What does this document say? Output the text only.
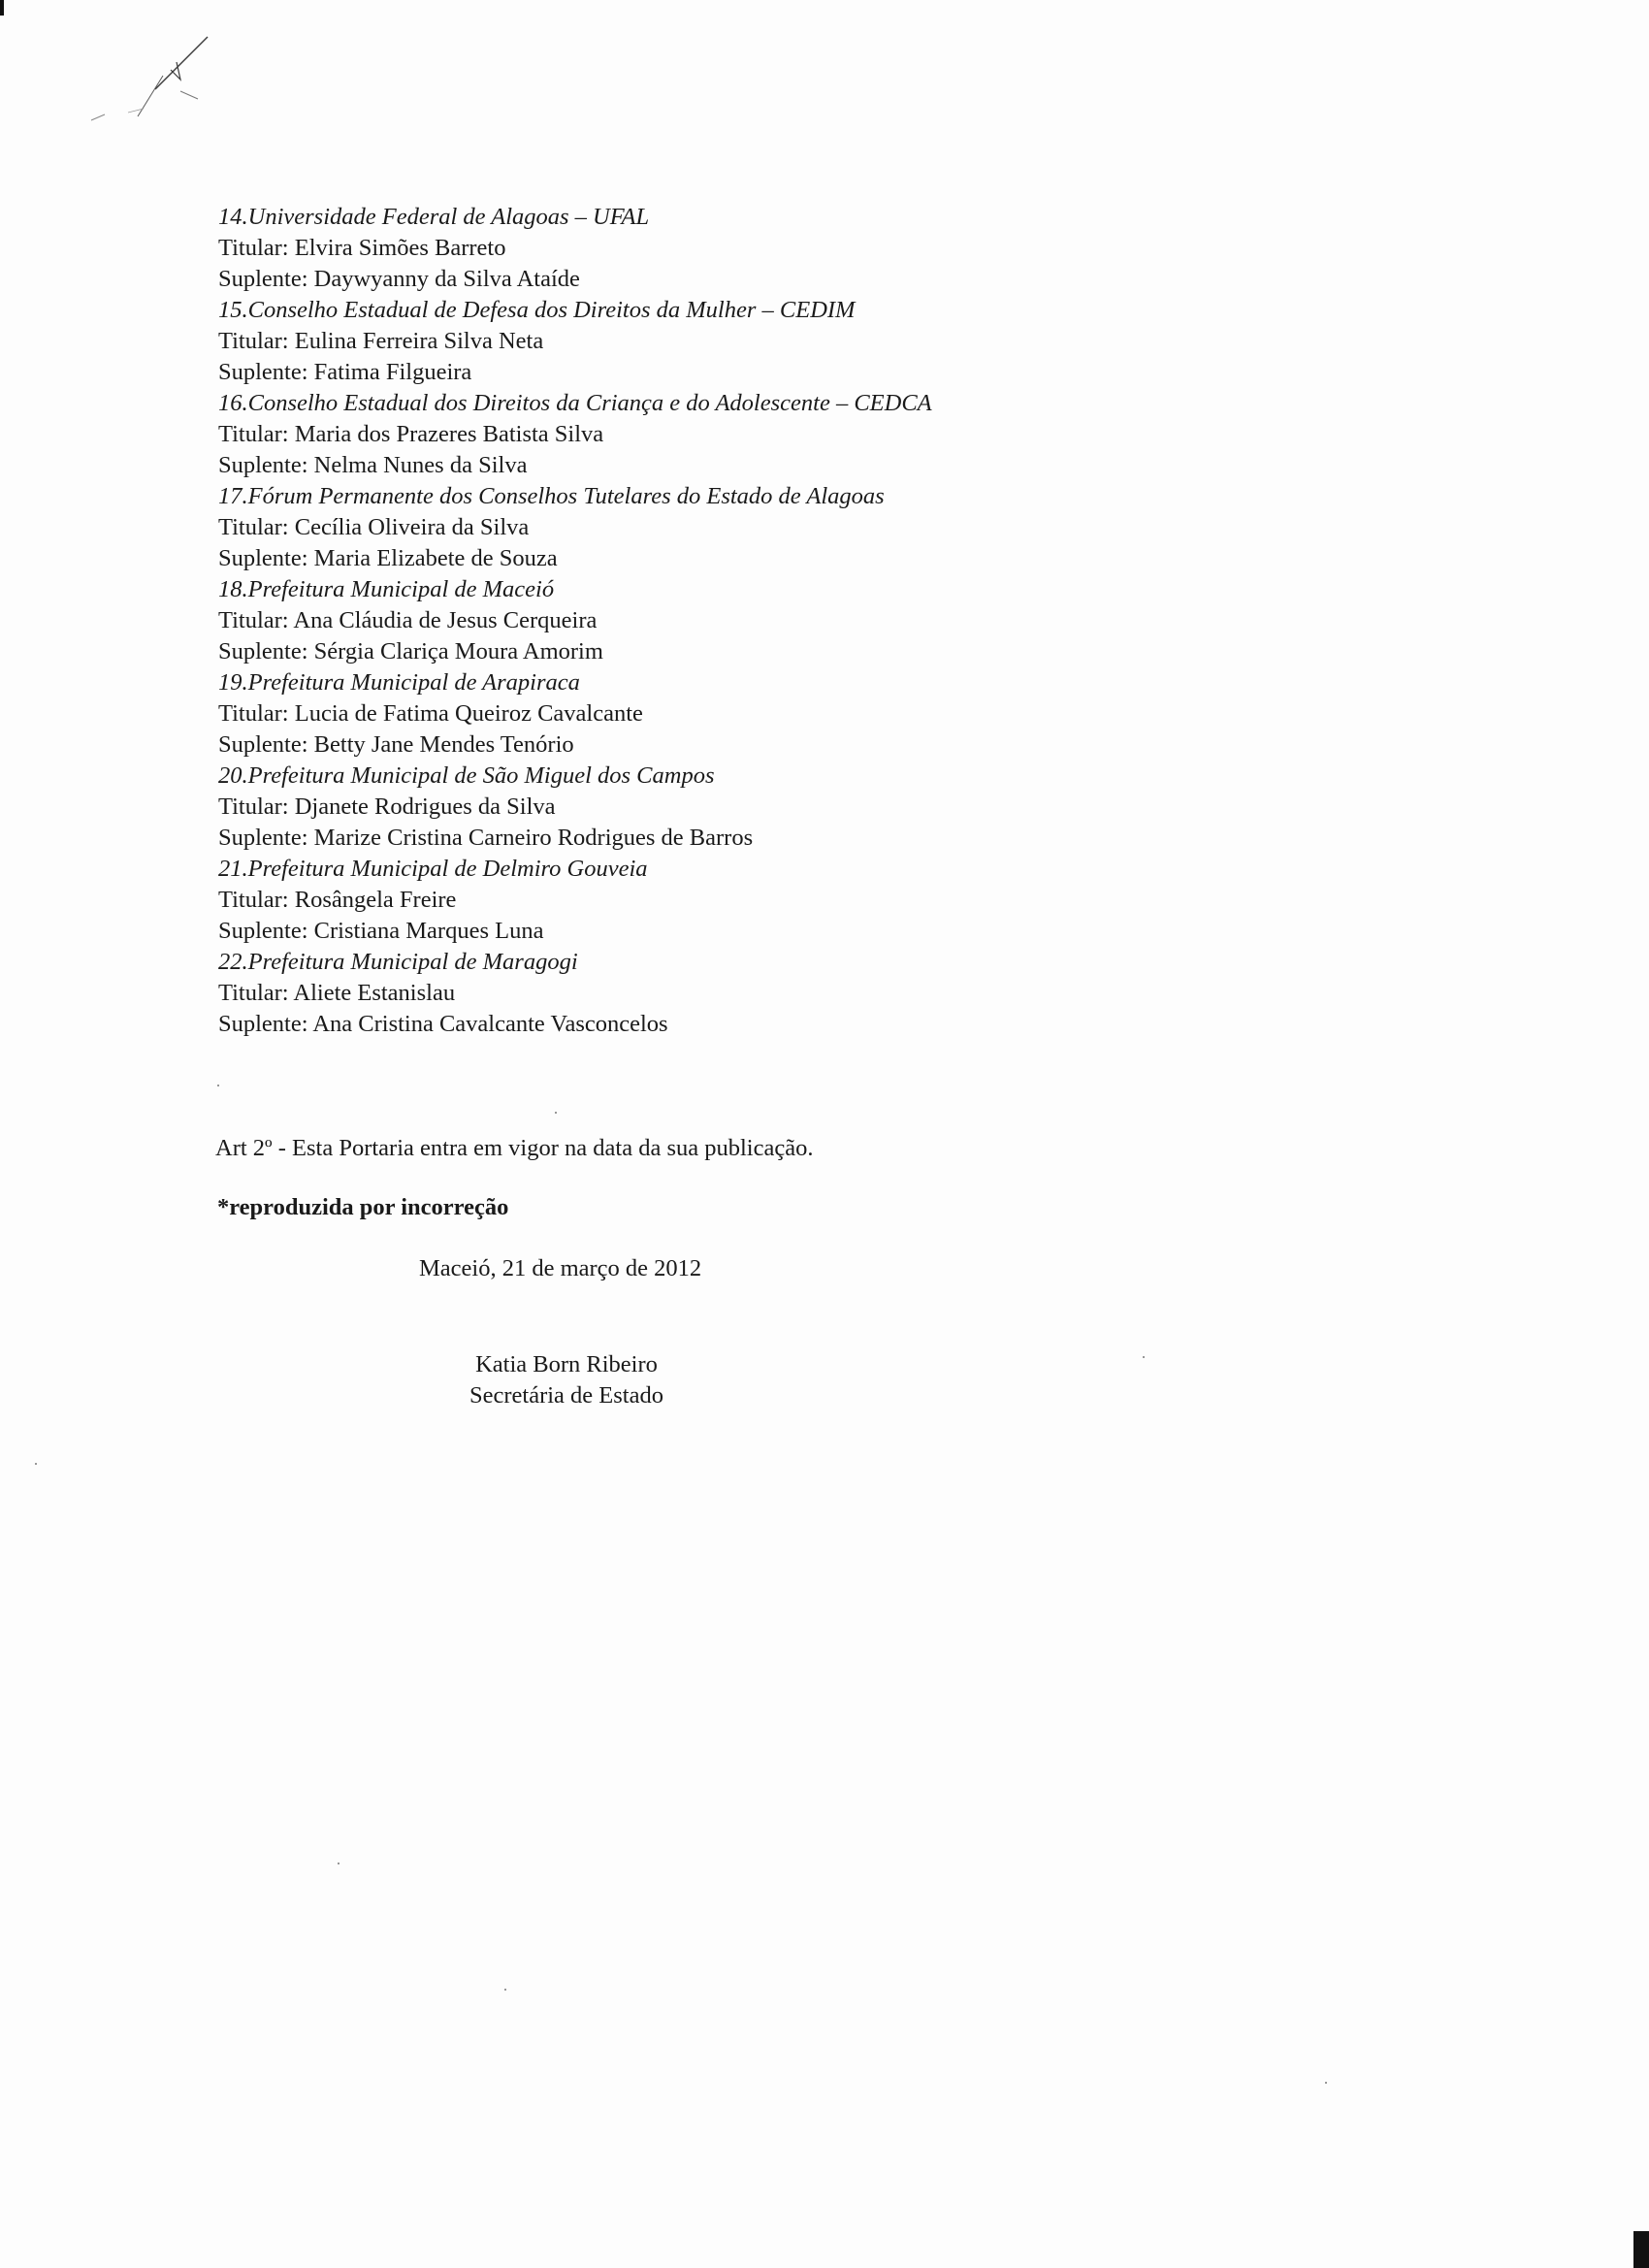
14.Universidade Federal de Alagoas – UFAL
Titular: Elvira Simões Barreto
Suplente: Daywyanny da Silva Ataíde
15.Conselho Estadual de Defesa dos Direitos da Mulher – CEDIM
Titular: Eulina Ferreira Silva Neta
Suplente: Fatima Filgueira
16.Conselho Estadual dos Direitos da Criança e do Adolescente – CEDCA
Titular: Maria dos Prazeres Batista Silva
Suplente: Nelma Nunes da Silva
17.Fórum Permanente dos Conselhos Tutelares do Estado de Alagoas
Titular: Cecília Oliveira da Silva
Suplente: Maria Elizabete de Souza
18.Prefeitura Municipal de Maceió
Titular: Ana Cláudia de Jesus Cerqueira
Suplente: Sérgia Clariça Moura Amorim
19.Prefeitura Municipal de Arapiraca
Titular: Lucia de Fatima Queiroz Cavalcante
Suplente: Betty Jane Mendes Tenório
20.Prefeitura Municipal de São Miguel dos Campos
Titular: Djanete Rodrigues da Silva
Suplente: Marize Cristina Carneiro Rodrigues de Barros
21.Prefeitura Municipal de Delmiro Gouveia
Titular: Rosângela Freire
Suplente: Cristiana Marques Luna
22.Prefeitura Municipal de Maragogi
Titular: Aliete Estanislau
Suplente: Ana Cristina Cavalcante Vasconcelos
Art 2º - Esta Portaria entra em vigor na data da sua publicação.
*reproduzida por incorreção
Maceió, 21 de março de 2012
Katia Born Ribeiro
Secretária de Estado
